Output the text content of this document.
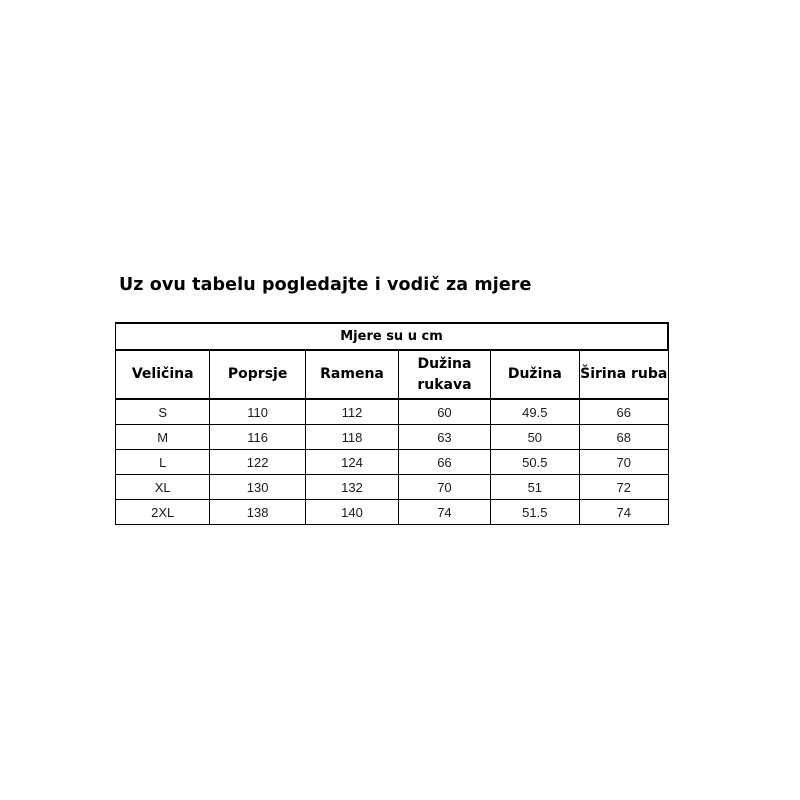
Uz ovu tabelu pogledajte i vodič za mjere
Mjere su u cm					
Veličina	Poprsje	Ramena	Dužina rukava	Dužina	Širina ruba
S	110	112	60	49.5	66
M	116	118	63	50	68
L	122	124	66	50.5	70
XL	130	132	70	51	72
2XL	138	140	74	51.5	74
